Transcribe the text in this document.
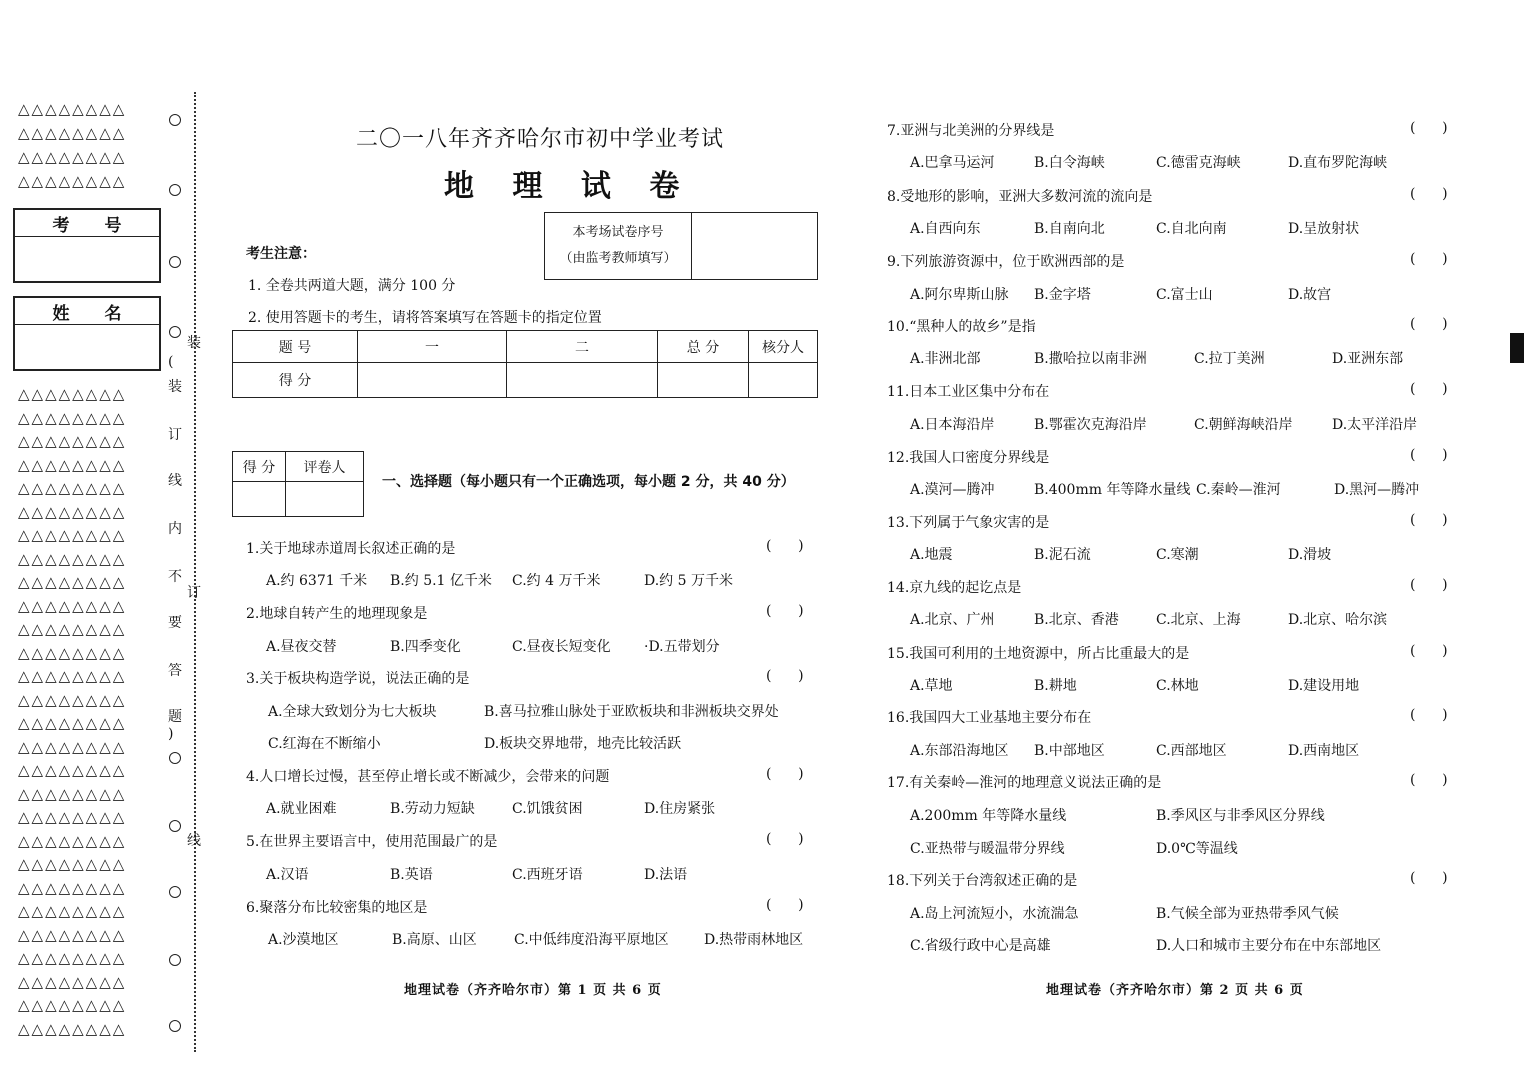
△△△△△△△△
△△△△△△△△
△△△△△△△△
△△△△△△△△
考 号
姓 名
△△△△△△△△
△△△△△△△△
△△△△△△△△
△△△△△△△△
△△△△△△△△
△△△△△△△△
△△△△△△△△
△△△△△△△△
△△△△△△△△
△△△△△△△△
△△△△△△△△
△△△△△△△△
△△△△△△△△
△△△△△△△△
△△△△△△△△
△△△△△△△△
△△△△△△△△
△△△△△△△△
△△△△△△△△
△△△△△△△△
△△△△△△△△
△△△△△△△△
△△△△△△△△
△△△△△△△△
△△△△△△△△
△△△△△△△△
△△△△△△△△
△△△△△△△△
装
(
装
订
线
内
不
订
要
答
题
)
线
二〇一八年齐齐哈尔市初中学业考试
地 理 试 卷
本考场试卷序号
（由监考教师填写）

考生注意：
1. 全卷共两道大题，满分 100 分
2. 使用答题卡的考生，请将答案填写在答题卡的指定位置
题 号	一	二	总 分	核分人
得 分				
得 分	评卷人

一、选择题（每小题只有一个正确选项，每小题 2 分，共 40 分）
1.关于地球赤道周长叙述正确的是	(      )
A.约 6371 千米 B.约 5.1 亿千米 C.约 4 万千米	D.约 5 万千米
2.地球自转产生的地理现象是	(      )
A.昼夜交替	B.四季变化	C.昼夜长短变化 ·D.五带划分
3.关于板块构造学说，说法正确的是	(      )
A.全球大致划分为七大板块	B.喜马拉雅山脉处于亚欧板块和非洲板块交界处
C.红海在不断缩小	D.板块交界地带，地壳比较活跃
4.人口增长过慢，甚至停止增长或不断减少，会带来的问题	(      )
A.就业困难	B.劳动力短缺	C.饥饿贫困	D.住房紧张
5.在世界主要语言中，使用范围最广的是	(      )
A.汉语	B.英语	C.西班牙语	D.法语
6.聚落分布比较密集的地区是	(      )
A.沙漠地区	B.高原、山区	C.中低纬度沿海平原地区	D.热带雨林地区
7.亚洲与北美洲的分界线是	(      )
A.巴拿马运河	B.白令海峡	C.德雷克海峡	D.直布罗陀海峡
8.受地形的影响，亚洲大多数河流的流向是	(      )
A.自西向东	B.自南向北	C.自北向南	D.呈放射状
9.下列旅游资源中，位于欧洲西部的是	(      )
A.阿尔卑斯山脉 B.金字塔	C.富士山	D.故宫
10.“黑种人的故乡”是指	(      )
A.非洲北部	B.撒哈拉以南非洲	C.拉丁美洲	D.亚洲东部
11.日本工业区集中分布在	(      )
A.日本海沿岸	B.鄂霍次克海沿岸	C.朝鲜海峡沿岸	D.太平洋沿岸
12.我国人口密度分界线是	(      )
A.漠河—腾冲	B.400mm 年等降水量线 C.秦岭—淮河	D.黑河—腾冲
13.下列属于气象灾害的是	(      )
A.地震	B.泥石流	C.寒潮	D.滑坡
14.京九线的起讫点是	(      )
A.北京、广州	B.北京、香港	C.北京、上海	D.北京、哈尔滨
15.我国可利用的土地资源中，所占比重最大的是	(      )
A.草地	B.耕地	C.林地	D.建设用地
16.我国四大工业基地主要分布在	(      )
A.东部沿海地区 B.中部地区	C.西部地区	D.西南地区
17.有关秦岭—淮河的地理意义说法正确的是	(      )
A.200mm 年等降水量线	B.季风区与非季风区分界线
C.亚热带与暖温带分界线	D.0℃等温线
18.下列关于台湾叙述正确的是	(      )
A.岛上河流短小，水流湍急	B.气候全部为亚热带季风气候
C.省级行政中心是高雄	D.人口和城市主要分布在中东部地区
地理试卷（齐齐哈尔市）第 1 页 共 6 页	地理试卷（齐齐哈尔市）第 2 页 共 6 页
